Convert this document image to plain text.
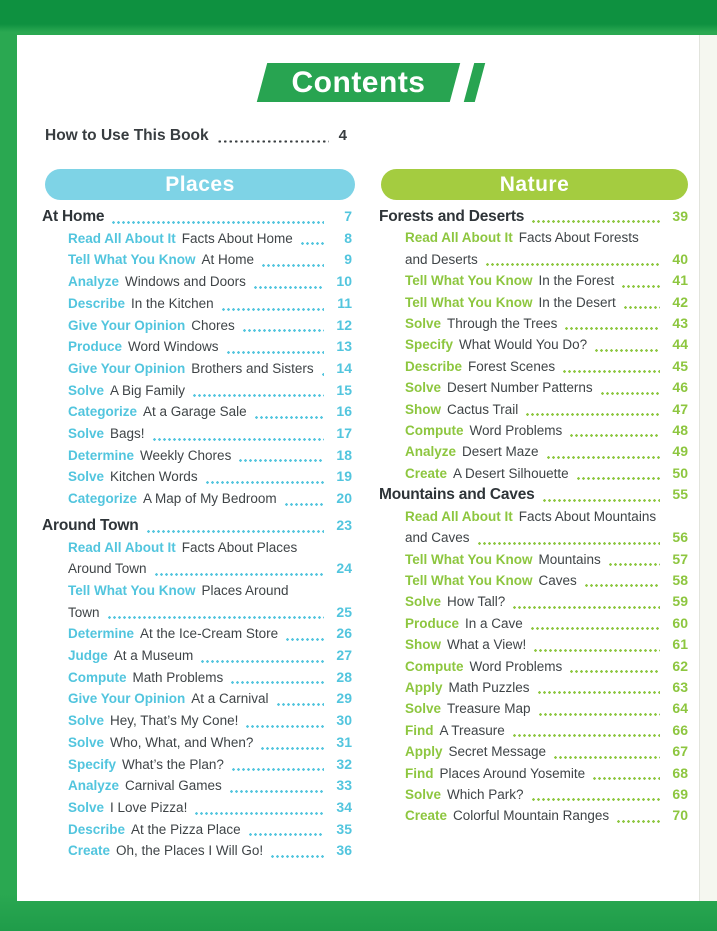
Contents
How to Use This Book	4
Places	Nature
At Home	7
Read All About It Facts About Home	8
Tell What You Know At Home	9
Analyze Windows and Doors	10
Describe In the Kitchen	11
Give Your Opinion Chores	12
Produce Word Windows	13
Give Your Opinion Brothers and Sisters	14
Solve A Big Family	15
Categorize At a Garage Sale	16
Solve Bags!	17
Determine Weekly Chores	18
Solve Kitchen Words	19
Categorize A Map of My Bedroom	20
Around Town	23
Read All About It Facts About Places
Around Town	24
Tell What You Know Places Around
Town	25
Determine At the Ice-Cream Store	26
Judge At a Museum	27
Compute Math Problems	28
Give Your Opinion At a Carnival	29
Solve Hey, That’s My Cone!	30
Solve Who, What, and When?	31
Specify What’s the Plan?	32
Analyze Carnival Games	33
Solve I Love Pizza!	34
Describe At the Pizza Place	35
Create Oh, the Places I Will Go!	36
Forests and Deserts	39
Read All About It Facts About Forests
and Deserts	40
Tell What You Know In the Forest	41
Tell What You Know In the Desert	42
Solve Through the Trees	43
Specify What Would You Do?	44
Describe Forest Scenes	45
Solve Desert Number Patterns	46
Show Cactus Trail	47
Compute Word Problems	48
Analyze Desert Maze	49
Create A Desert Silhouette	50
Mountains and Caves	55
Read All About It Facts About Mountains
and Caves	56
Tell What You Know Mountains	57
Tell What You Know Caves	58
Solve How Tall?	59
Produce In a Cave	60
Show What a View!	61
Compute Word Problems	62
Apply Math Puzzles	63
Solve Treasure Map	64
Find A Treasure	66
Apply Secret Message	67
Find Places Around Yosemite	68
Solve Which Park?	69
Create Colorful Mountain Ranges	70
